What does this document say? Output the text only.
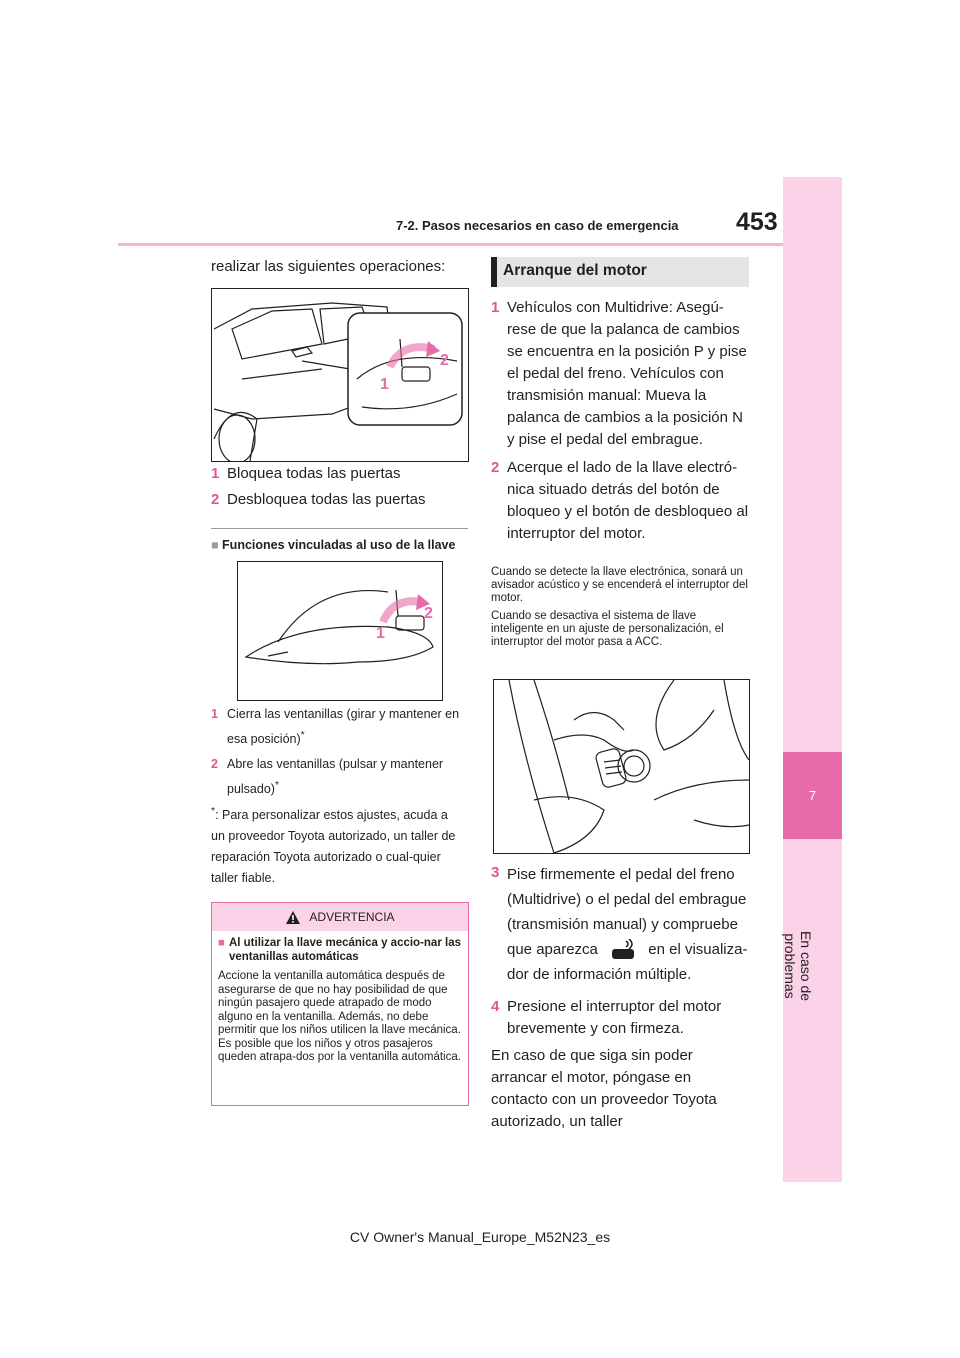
7-2. Pasos necesarios en caso de emergencia 453
7
En caso de problemas
realizar las siguientes operaciones:
2
1
1 Bloquea todas las puertas
2 Desbloquea todas las puertas
■ Funciones vinculadas al uso de la llave
2
1
1 Cierra las ventanillas (girar y mantener en esa posición)*
2 Abre las ventanillas (pulsar y mantener pulsado)*
*: Para personalizar estos ajustes, acuda a un proveedor Toyota autorizado, un taller de reparación Toyota autorizado o cual-quier taller fiable.
ADVERTENCIA
■ Al utilizar la llave mecánica y accio-nar las ventanillas automáticas
Accione la ventanilla automática después de asegurarse de que no hay posibilidad de que ningún pasajero quede atrapado de modo alguno en la ventanilla. Además, no debe permitir que los niños utilicen la llave mecánica. Es posible que los niños y otros pasajeros queden atrapa-dos por la ventanilla automática.
Arranque del motor
1 Vehículos con Multidrive: Asegú-rese de que la palanca de cambios se encuentra en la posición P y pise el pedal del freno. Vehículos con transmisión manual: Mueva la palanca de cambios a la posición N y pise el pedal del embrague.
2 Acerque el lado de la llave electró-nica situado detrás del botón de bloqueo y el botón de desbloqueo al interruptor del motor.
Cuando se detecte la llave electrónica, sonará un avisador acústico y se encenderá el interruptor del motor.
Cuando se desactiva el sistema de llave inteligente en un ajuste de personalización, el interruptor del motor pasa a ACC.
3 Pise firmemente el pedal del freno (Multidrive) o el pedal del embrague (transmisión manual) y compruebe que aparezca	en el visualiza-dor de información múltiple.
4 Presione el interruptor del motor brevemente y con firmeza.
En caso de que siga sin poder arrancar el motor, póngase en contacto con un proveedor Toyota autorizado, un taller
CV Owner's Manual_Europe_M52N23_es
